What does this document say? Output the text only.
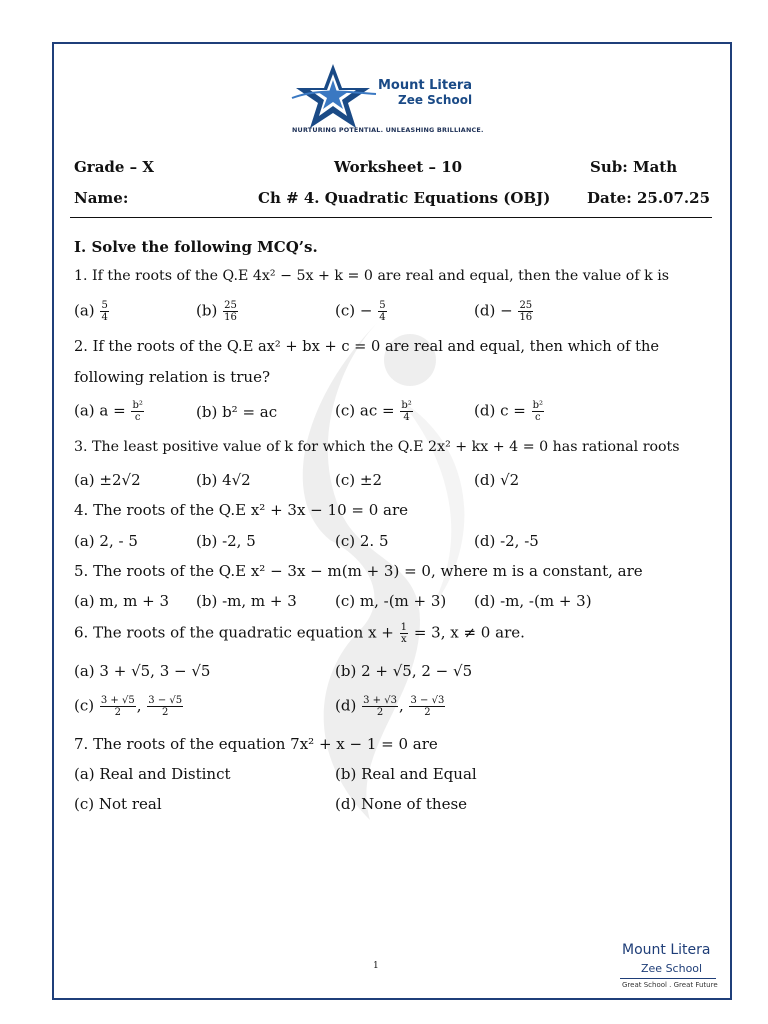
Mount Litera
Zee School
NURTURING POTENTIAL. UNLEASHING BRILLIANCE.
Grade – X	Worksheet – 10	Sub: Math
Name:	Ch # 4. Quadratic Equations (OBJ) Date: 25.07.25
I. Solve the following MCQ’s.
1. If the roots of the Q.E 4x² − 5x + k = 0 are real and equal, then the value of k is
$(a) \frac{5}{4}$	$(b) \frac{25}{16}$	$(c) - \frac{5}{4}$	$(d) - \frac{25}{16}$
2. If the roots of the Q.E ax² + bx + c = 0 are real and equal, then which of the
following relation is true?
(a) $a = \frac{\text{b²}}{c}$	(b) b² = ac	(c) ac = $\frac{\text{b²}}{4}$	(d) $c = \frac{\text{b²}}{c}$
3. The least positive value of k for which the Q.E 2x² + kx + 4 = 0 has rational roots
(a) ±2√2	(b) 4√2	(c) ±2	(d) √2
4. The roots of the Q.E x² + 3x − 10 = 0 are
(a) 2, - 5	(b) -2, 5	(c) 2. 5	(d) -2, -5
5. The roots of the Q.E x² − 3x − m(m + 3) = 0, where m is a constant, are
(a) m, m + 3 (b) -m, m + 3	(c) m, -(m + 3) (d) -m, -(m + 3)
6. The roots of the quadratic equation $x + \frac{1}{x} = 3$, x ≠ 0 are.
(a) 3 + √5, 3 − √5	(b) 2 + √5, 2 − √5
$(c) \frac{3 + √5}{2}$ , $\frac{3 - √5}{2}$	$(d) \frac{3 + √3}{2}$ , $\frac{3 - √3}{2}$
7. The roots of the equation 7x² + x − 1 = 0 are
(a) Real and Distinct	(b) Real and Equal
(c) Not real	(d) None of these
1
Mount Litera
Zee School
Great School . Great Future
